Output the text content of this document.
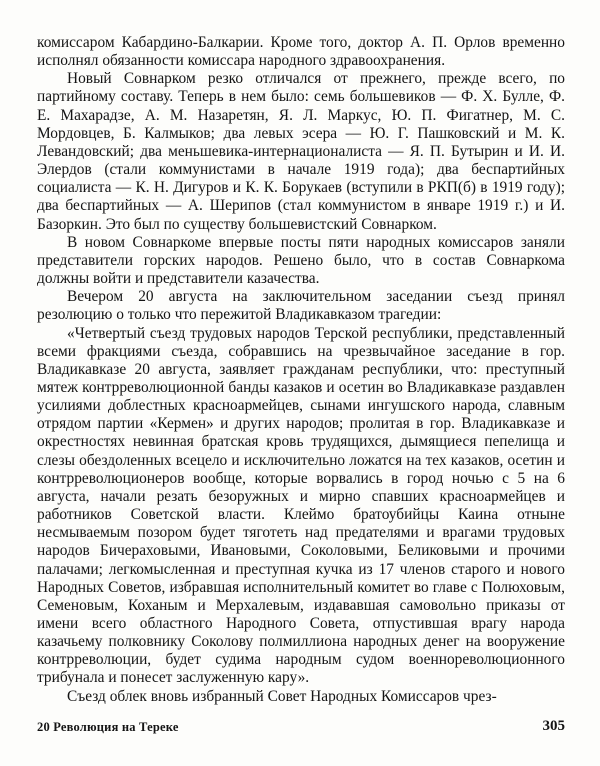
комиссаром Кабардино-Балкарии. Кроме того, доктор А. П. Орлов временно исполнял обязанности комиссара народного здравоохранения.

Новый Совнарком резко отличался от прежнего, прежде всего, по партийному составу. Теперь в нем было: семь большевиков — Ф. Х. Булле, Ф. Е. Махарадзе, А. М. Назаретян, Я. Л. Маркус, Ю. П. Фигатнер, М. С. Мордовцев, Б. Калмыков; два левых эсера — Ю. Г. Пашковский и М. К. Левандовский; два меньшевика-интернационалиста — Я. П. Бутырин и И. И. Элердов (стали коммунистами в начале 1919 года); два беспартийных социалиста — К. Н. Дигуров и К. К. Борукаев (вступили в РКП(б) в 1919 году); два беспартийных — А. Шерипов (стал коммунистом в январе 1919 г.) и И. Базоркин. Это был по существу большевистский Совнарком.

В новом Совнаркоме впервые посты пяти народных комиссаров заняли представители горских народов. Решено было, что в состав Совнаркома должны войти и представители казачества.

Вечером 20 августа на заключительном заседании съезд принял резолюцию о только что пережитой Владикавказом трагедии:

«Четвертый съезд трудовых народов Терской республики, представленный всеми фракциями съезда, собравшись на чрезвычайное заседание в гор. Владикавказе 20 августа, заявляет гражданам республики, что: преступный мятеж контрреволюционной банды казаков и осетин во Владикавказе раздавлен усилиями доблестных красноармейцев, сынами ингушского народа, славным отрядом партии «Кермен» и других народов; пролитая в гор. Владикавказе и окрестностях невинная братская кровь трудящихся, дымящиеся пепелища и слезы обездоленных всецело и исключительно ложатся на тех казаков, осетин и контрреволюционеров вообще, которые ворвались в город ночью с 5 на 6 августа, начали резать безоружных и мирно спавших красноармейцев и работников Советской власти. Клеймо братоубийцы Каина отныне несмываемым позором будет тяготеть над предателями и врагами трудовых народов Бичераховыми, Ивановыми, Соколовыми, Беликовыми и прочими палачами; легкомысленная и преступная кучка из 17 членов старого и нового Народных Советов, избравшая исполнительный комитет во главе с Полюховым, Семеновым, Коханым и Мерхалевым, издававшая самовольно приказы от имени всего областного Народного Совета, отпустившая врагу народа казачьему полковнику Соколову полмиллиона народных денег на вооружение контрреволюции, будет судима народным судом военнореволюционного трибунала и понесет заслуженную кару».

Съезд облек вновь избранный Совет Народных Комиссаров чрез-

20 Революция на Тереке	305
